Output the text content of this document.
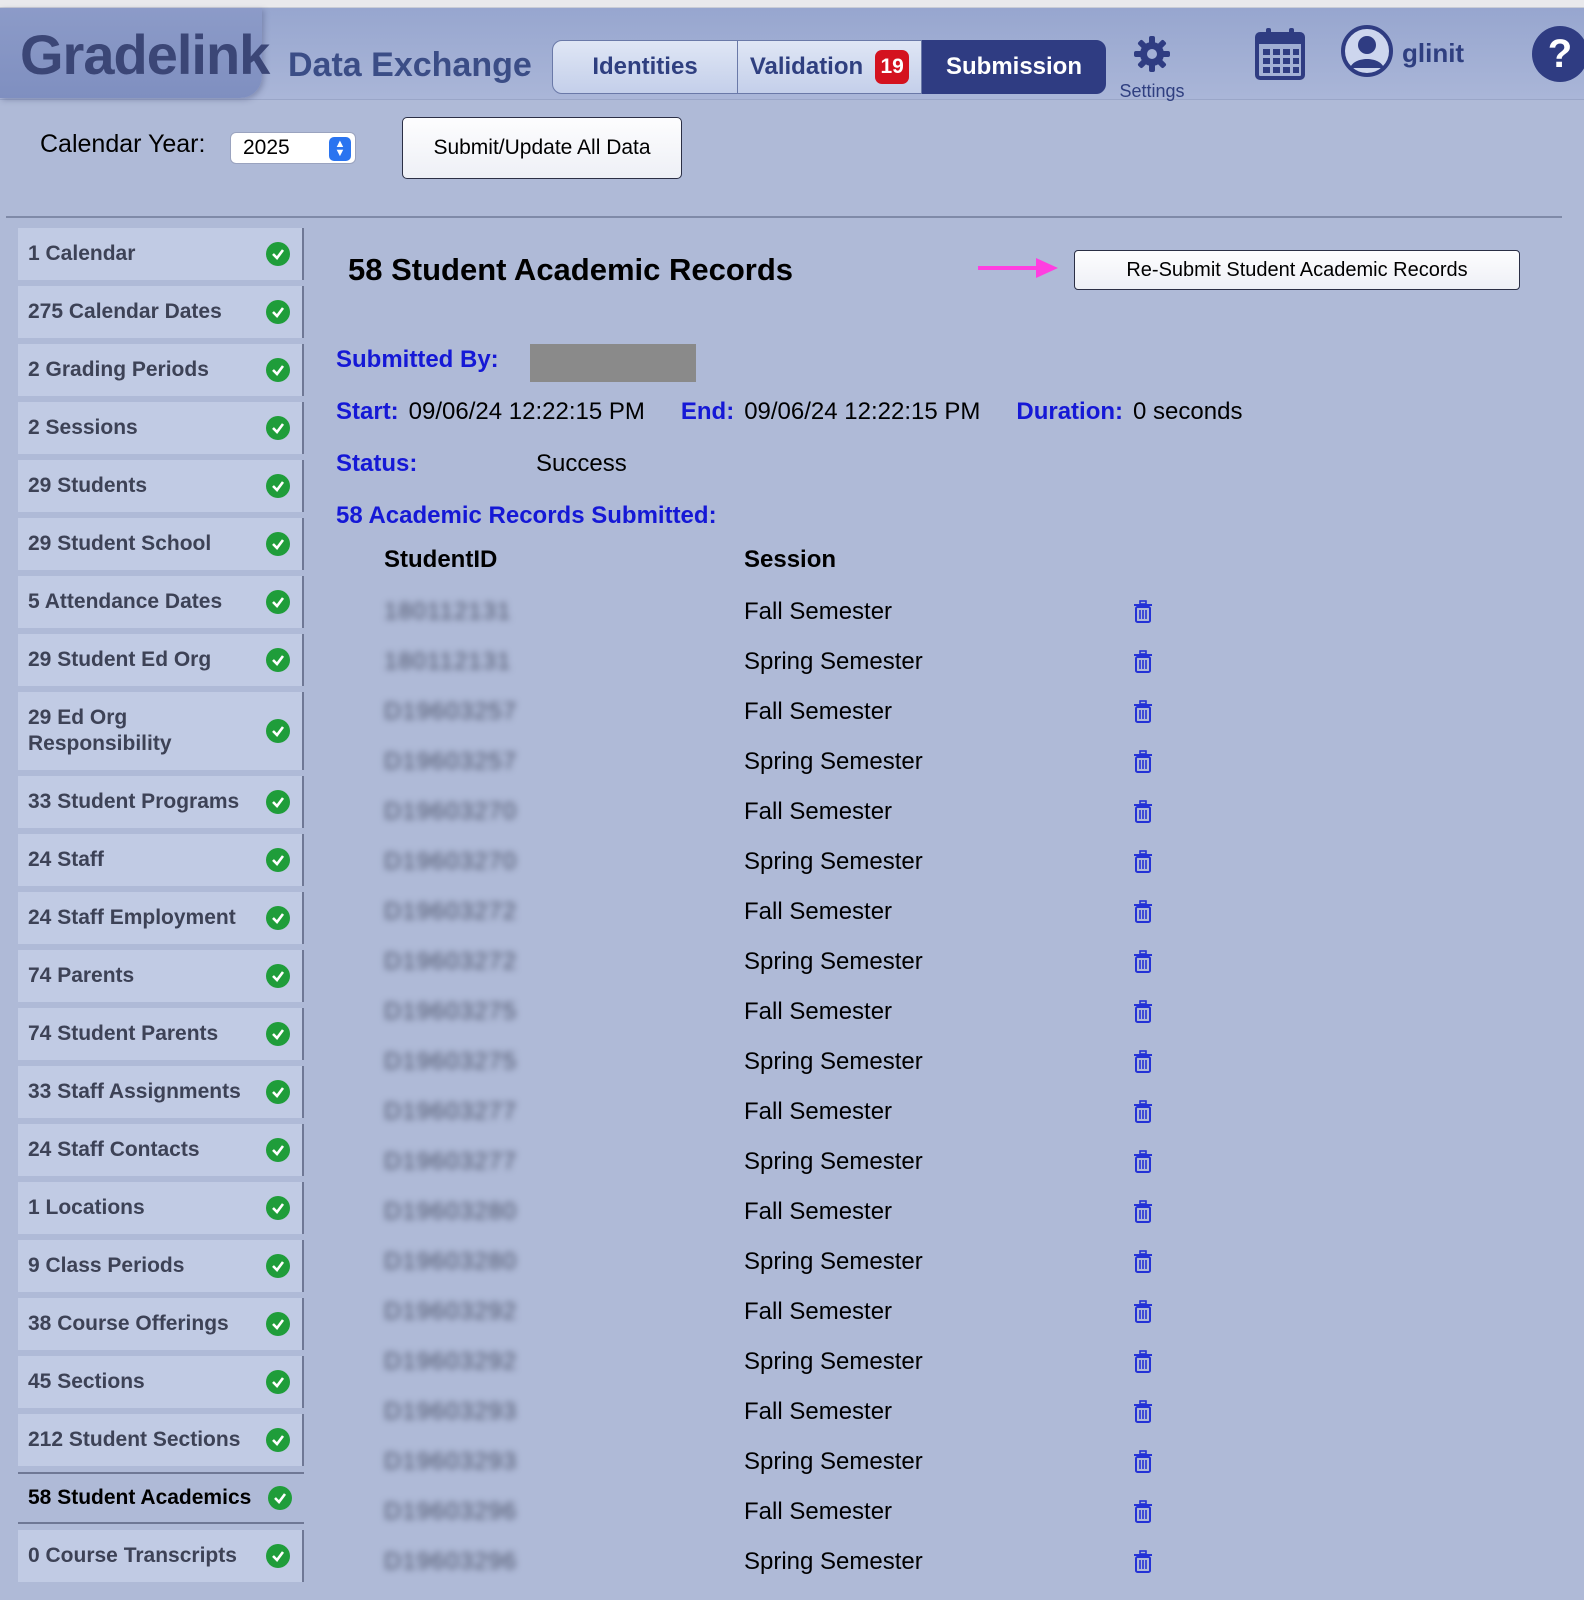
Gradelink Data Exchange	Identities Validation 19 Submission
Settings
glinit ?
Calendar Year:	2025	▲
▼	Submit/Update All Data
1 Calendar
275 Calendar Dates
2 Grading Periods
2 Sessions
29 Students
29 Student School
5 Attendance Dates
29 Student Ed Org
29 Ed Org Responsibility
33 Student Programs
24 Staff
24 Staff Employment
74 Parents
74 Student Parents
33 Staff Assignments
24 Staff Contacts
1 Locations
9 Class Periods
38 Course Offerings
45 Sections
212 Student Sections
58 Student Academics
0 Course Transcripts
58 Student Academic Records	Re-Submit Student Academic Records
Submitted By:
Start: 09/06/24 12:22:15 PM End: 09/06/24 12:22:15 PM Duration: 0 seconds
Status:	Success
58 Academic Records Submitted:
StudentID	Session
180112131	Fall Semester
180112131	Spring Semester
D19603257	Fall Semester
D19603257	Spring Semester
D19603270	Fall Semester
D19603270	Spring Semester
D19603272	Fall Semester
D19603272	Spring Semester
D19603275	Fall Semester
D19603275	Spring Semester
D19603277	Fall Semester
D19603277	Spring Semester
D19603280	Fall Semester
D19603280	Spring Semester
D19603292	Fall Semester
D19603292	Spring Semester
D19603293	Fall Semester
D19603293	Spring Semester
D19603296	Fall Semester
D19603296	Spring Semester
